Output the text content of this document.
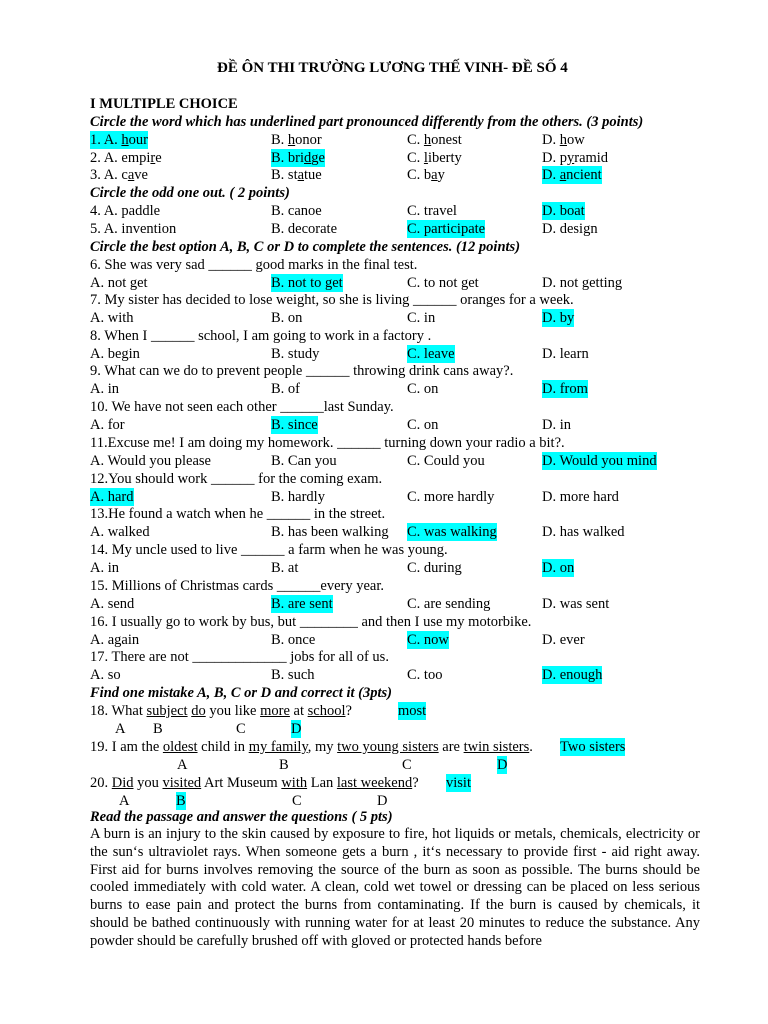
ĐỀ ÔN THI TRƯỜNG LƯƠNG THẾ VINH- ĐỀ SỐ 4
I MULTIPLE CHOICE
Circle the word which has underlined part pronounced differently from the others. (3 points)
1. A. hour	B. honor	C. honest	D. how
2. A. empire	B. bridge	C. liberty	D. pyramid
3. A. cave	B. statue	C. bay	D. ancient
Circle the odd one out. ( 2 points)
4. A. paddle	B. canoe	C. travel	D. boat
5. A. invention	B. decorate	C. participate	D. design
Circle the best option A, B, C or D to complete the sentences. (12 points)
6. She was very sad ______ good marks in the final test.
A. not get	B. not to get	C. to not get	D. not getting
7. My sister has decided to lose weight, so she is living ______ oranges for a week.
A. with	B. on	C. in	D. by
8. When I ______ school, I am going to work in a factory .
A. begin	B. study	C. leave	D. learn
9. What can we do to prevent people ______ throwing drink cans away?.
A. in	B. of	C. on	D. from
10. We have not seen each other ______last Sunday.
A. for	B. since	C. on	D. in
11.Excuse me! I am doing my homework. ______ turning down your radio a bit?.
A. Would you please	B. Can you	C. Could you	D. Would you mind
12.You should work ______ for the coming exam.
A. hard	B. hardly	C. more hardly	D. more hard
13.He found a watch when he ______ in the street.
A. walked	B. has been walking C. was walking	D. has walked
14. My uncle used to live ______ a farm when he was young.
A. in	B. at	C. during	D. on
15. Millions of Christmas cards ______every year.
A. send	B. are sent	C. are sending	D. was sent
16. I usually go to work by bus, but ________ and then I use my motorbike.
A. again	B. once	C. now	D. ever
17. There are not _____________ jobs for all of us.
A. so	B. such	C. too	D. enough
Find one mistake A, B, C or D and correct it (3pts)
18. What subject do you like more at school?	most
A B	C	D
19. I am the oldest child in my family, my two young sisters are twin sisters. Two sisters
A	B	C	D
20. Did you visited Art Museum with Lan last weekend? visit
A	B	C	D
Read the passage and answer the questions ( 5 pts)
A burn is an injury to the skin caused by exposure to fire, hot liquids or metals, chemicals, electricity or the sun‘s ultraviolet rays. When someone gets a burn , it‘s necessary to provide first - aid right away. First aid for burns involves removing the source of the burn as soon as possible. The burns should be cooled immediately with cold water. A clean, cold wet towel or dressing can be placed on less serious burns to ease pain and protect the burns from contaminating. If the burn is caused by chemicals, it should be bathed continuously with running water for at least 20 minutes to reduce the substance. Any powder should be carefully brushed off with gloved or protected hands before
